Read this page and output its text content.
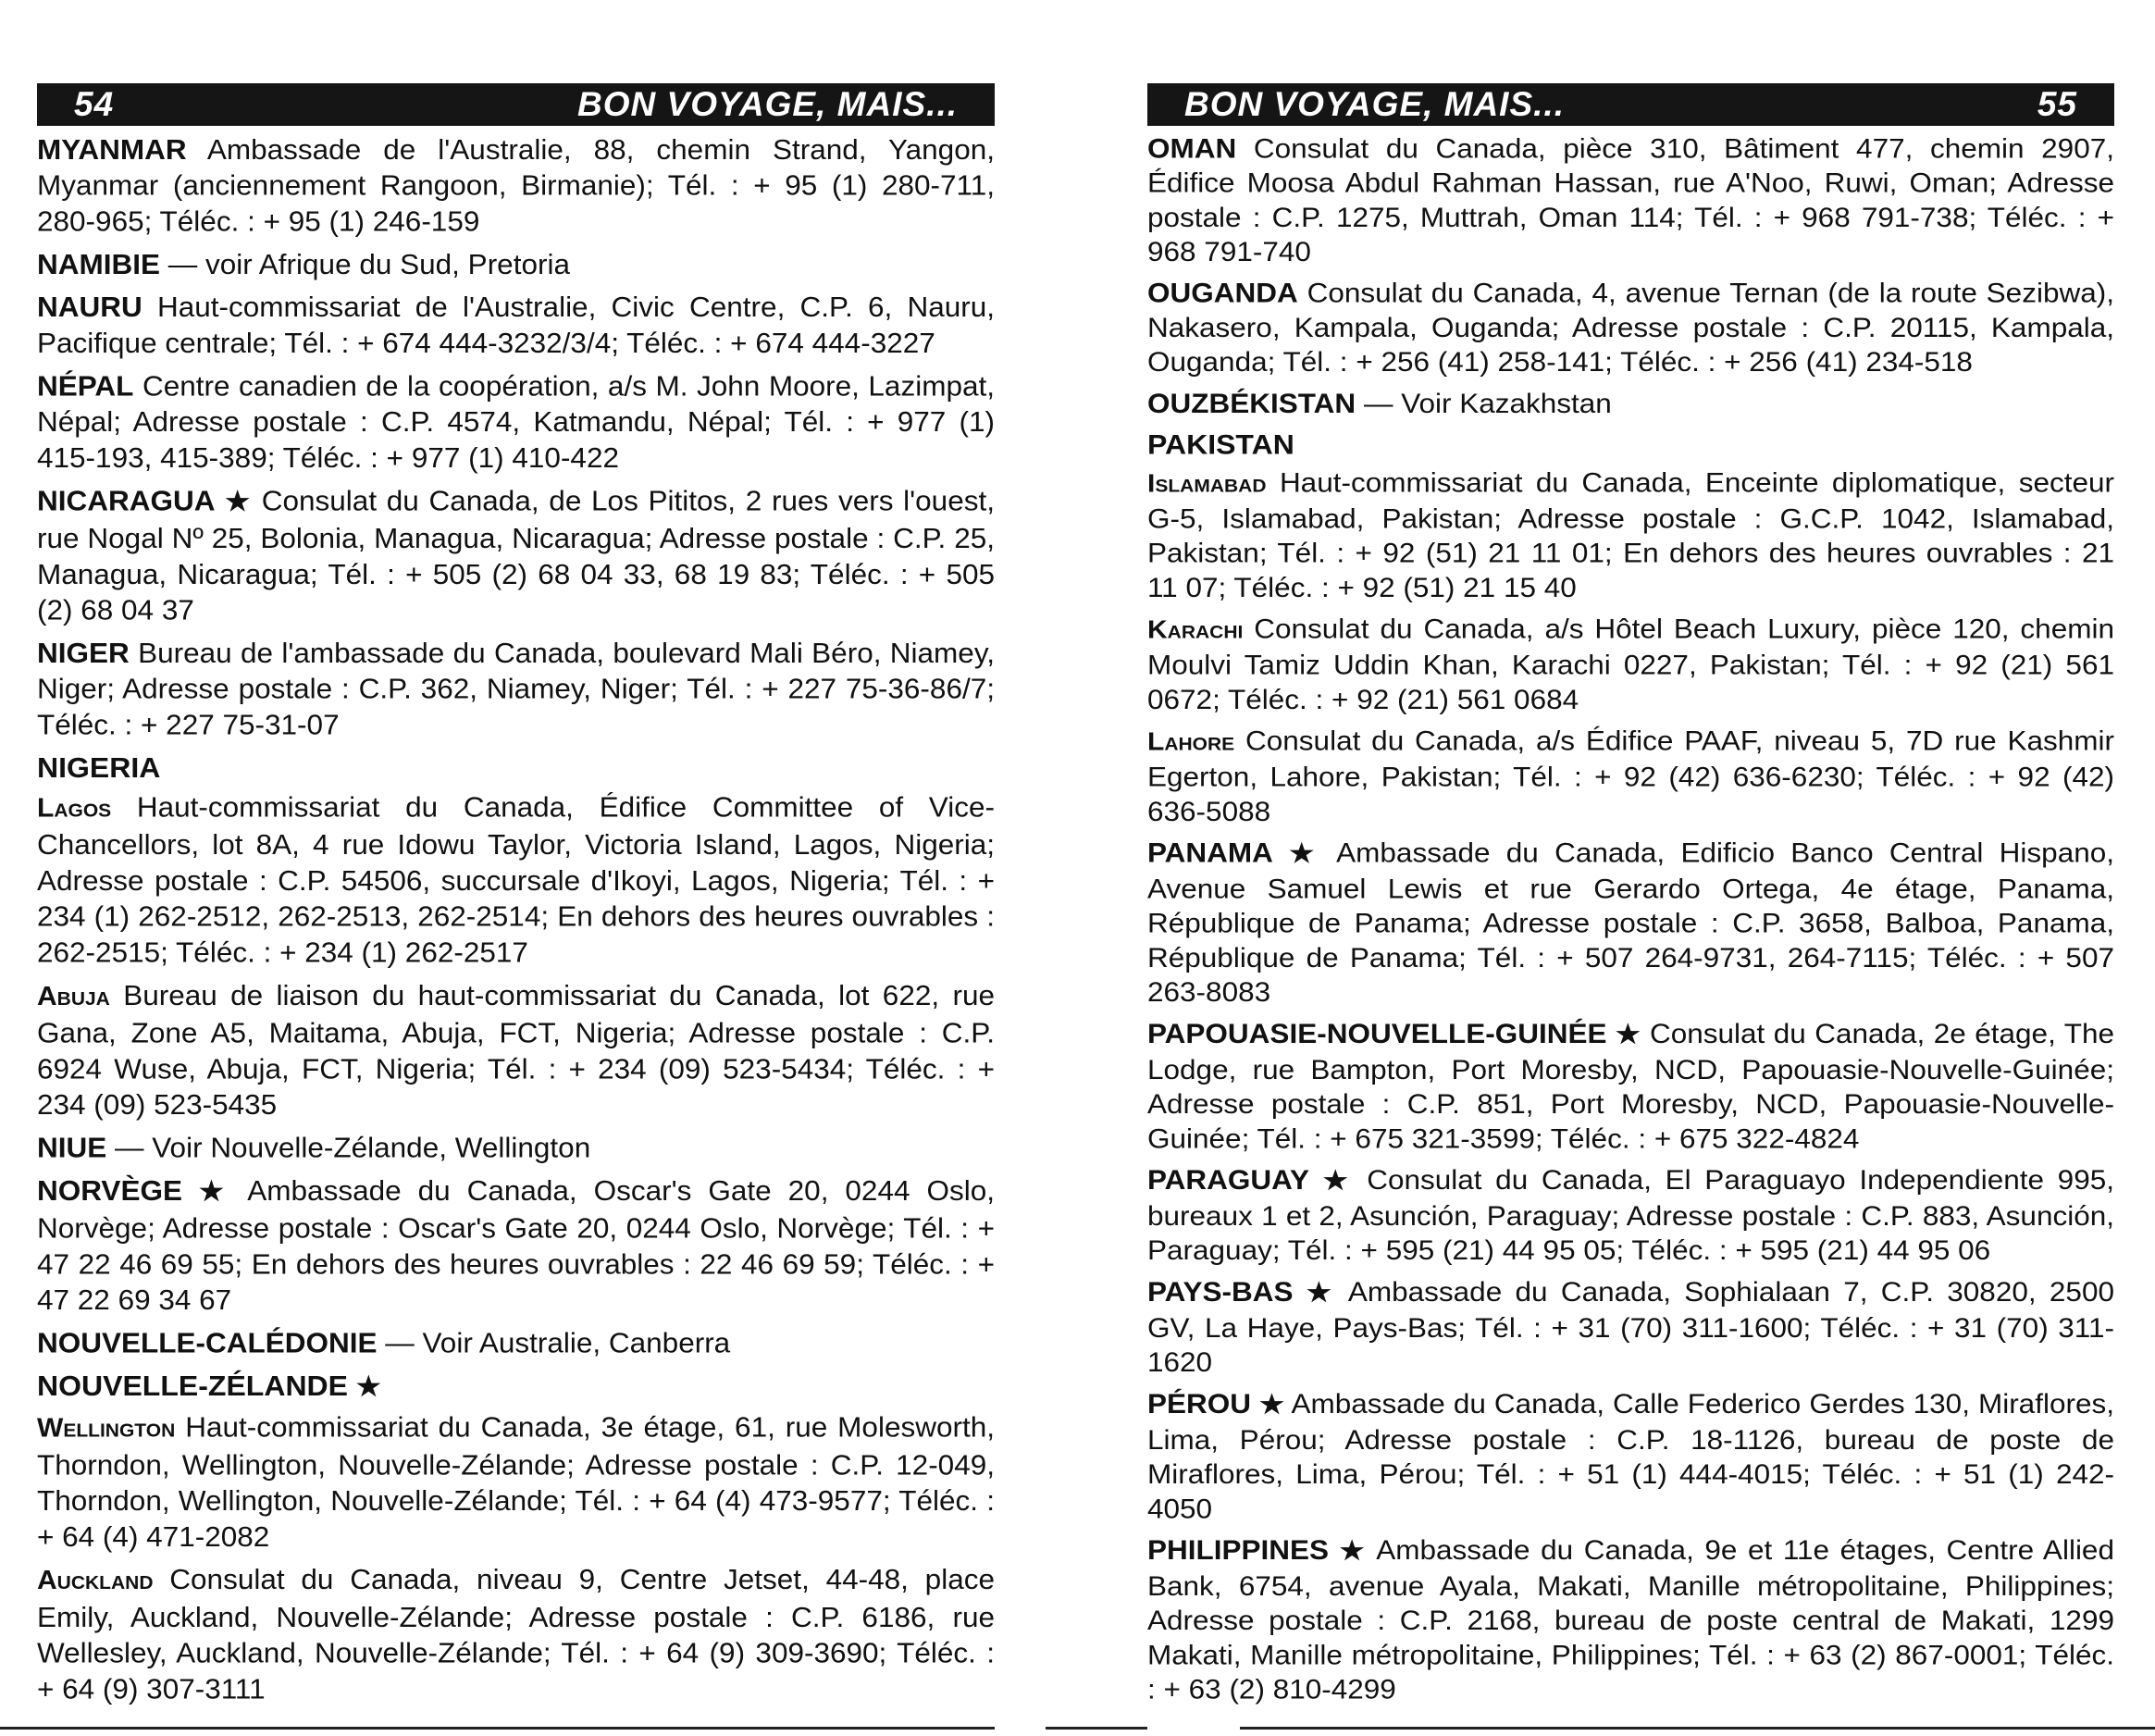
54	BON VOYAGE, MAIS...
MYANMAR Ambassade de l'Australie, 88, chemin Strand, Yangon, Myanmar (anciennement Rangoon, Birmanie); Tél. : + 95 (1) 280-711, 280-965; Téléc. : + 95 (1) 246-159
NAMIBIE — voir Afrique du Sud, Pretoria
NAURU Haut-commissariat de l'Australie, Civic Centre, C.P. 6, Nauru, Pacifique centrale; Tél. : + 674 444-3232/3/4; Téléc. : + 674 444-3227
NÉPAL Centre canadien de la coopération, a/s M. John Moore, Lazimpat, Népal; Adresse postale : C.P. 4574, Katmandu, Népal; Tél. : + 977 (1) 415-193, 415-389; Téléc. : + 977 (1) 410-422
NICARAGUA ★ Consulat du Canada, de Los Pititos, 2 rues vers l'ouest, rue Nogal Nº 25, Bolonia, Managua, Nicaragua; Adresse postale : C.P. 25, Managua, Nicaragua; Tél. : + 505 (2) 68 04 33, 68 19 83; Téléc. : + 505 (2) 68 04 37
NIGER Bureau de l'ambassade du Canada, boulevard Mali Béro, Niamey, Niger; Adresse postale : C.P. 362, Niamey, Niger; Tél. : + 227 75-36-86/7; Téléc. : + 227 75-31-07
NIGERIA
Lagos Haut-commissariat du Canada, Édifice Committee of Vice-Chancellors, lot 8A, 4 rue Idowu Taylor, Victoria Island, Lagos, Nigeria; Adresse postale : C.P. 54506, succursale d'Ikoyi, Lagos, Nigeria; Tél. : + 234 (1) 262-2512, 262-2513, 262-2514; En dehors des heures ouvrables : 262-2515; Téléc. : + 234 (1) 262-2517
Abuja Bureau de liaison du haut-commissariat du Canada, lot 622, rue Gana, Zone A5, Maitama, Abuja, FCT, Nigeria; Adresse postale : C.P. 6924 Wuse, Abuja, FCT, Nigeria; Tél. : + 234 (09) 523-5434; Téléc. : + 234 (09) 523-5435
NIUE — Voir Nouvelle-Zélande, Wellington
NORVÈGE ★ Ambassade du Canada, Oscar's Gate 20, 0244 Oslo, Norvège; Adresse postale : Oscar's Gate 20, 0244 Oslo, Norvège; Tél. : + 47 22 46 69 55; En dehors des heures ouvrables : 22 46 69 59; Téléc. : + 47 22 69 34 67
NOUVELLE-CALÉDONIE — Voir Australie, Canberra
NOUVELLE-ZÉLANDE ★
Wellington Haut-commissariat du Canada, 3e étage, 61, rue Molesworth, Thorndon, Wellington, Nouvelle-Zélande; Adresse postale : C.P. 12-049, Thorndon, Wellington, Nouvelle-Zélande; Tél. : + 64 (4) 473-9577; Téléc. : + 64 (4) 471-2082
Auckland Consulat du Canada, niveau 9, Centre Jetset, 44-48, place Emily, Auckland, Nouvelle-Zélande; Adresse postale : C.P. 6186, rue Wellesley, Auckland, Nouvelle-Zélande; Tél. : + 64 (9) 309-3690; Téléc. : + 64 (9) 307-3111
BON VOYAGE, MAIS...	55
OMAN Consulat du Canada, pièce 310, Bâtiment 477, chemin 2907, Édifice Moosa Abdul Rahman Hassan, rue A'Noo, Ruwi, Oman; Adresse postale : C.P. 1275, Muttrah, Oman 114; Tél. : + 968 791-738; Téléc. : + 968 791-740
OUGANDA Consulat du Canada, 4, avenue Ternan (de la route Sezibwa), Nakasero, Kampala, Ouganda; Adresse postale : C.P. 20115, Kampala, Ouganda; Tél. : + 256 (41) 258-141; Téléc. : + 256 (41) 234-518
OUZBÉKISTAN — Voir Kazakhstan
PAKISTAN
Islamabad Haut-commissariat du Canada, Enceinte diplomatique, secteur G-5, Islamabad, Pakistan; Adresse postale : G.C.P. 1042, Islamabad, Pakistan; Tél. : + 92 (51) 21 11 01; En dehors des heures ouvrables : 21 11 07; Téléc. : + 92 (51) 21 15 40
Karachi Consulat du Canada, a/s Hôtel Beach Luxury, pièce 120, chemin Moulvi Tamiz Uddin Khan, Karachi 0227, Pakistan; Tél. : + 92 (21) 561 0672; Téléc. : + 92 (21) 561 0684
Lahore Consulat du Canada, a/s Édifice PAAF, niveau 5, 7D rue Kashmir Egerton, Lahore, Pakistan; Tél. : + 92 (42) 636-6230; Téléc. : + 92 (42) 636-5088
PANAMA ★ Ambassade du Canada, Edificio Banco Central Hispano, Avenue Samuel Lewis et rue Gerardo Ortega, 4e étage, Panama, République de Panama; Adresse postale : C.P. 3658, Balboa, Panama, République de Panama; Tél. : + 507 264-9731, 264-7115; Téléc. : + 507 263-8083
PAPOUASIE-NOUVELLE-GUINÉE ★ Consulat du Canada, 2e étage, The Lodge, rue Bampton, Port Moresby, NCD, Papouasie-Nouvelle-Guinée; Adresse postale : C.P. 851, Port Moresby, NCD, Papouasie-Nouvelle-Guinée; Tél. : + 675 321-3599; Téléc. : + 675 322-4824
PARAGUAY ★ Consulat du Canada, El Paraguayo Independiente 995, bureaux 1 et 2, Asunción, Paraguay; Adresse postale : C.P. 883, Asunción, Paraguay; Tél. : + 595 (21) 44 95 05; Téléc. : + 595 (21) 44 95 06
PAYS-BAS ★ Ambassade du Canada, Sophialaan 7, C.P. 30820, 2500 GV, La Haye, Pays-Bas; Tél. : + 31 (70) 311-1600; Téléc. : + 31 (70) 311-1620
PÉROU ★ Ambassade du Canada, Calle Federico Gerdes 130, Miraflores, Lima, Pérou; Adresse postale : C.P. 18-1126, bureau de poste de Miraflores, Lima, Pérou; Tél. : + 51 (1) 444-4015; Téléc. : + 51 (1) 242-4050
PHILIPPINES ★ Ambassade du Canada, 9e et 11e étages, Centre Allied Bank, 6754, avenue Ayala, Makati, Manille métropolitaine, Philippines; Adresse postale : C.P. 2168, bureau de poste central de Makati, 1299 Makati, Manille métropolitaine, Philippines; Tél. : + 63 (2) 867-0001; Téléc. : + 63 (2) 810-4299
